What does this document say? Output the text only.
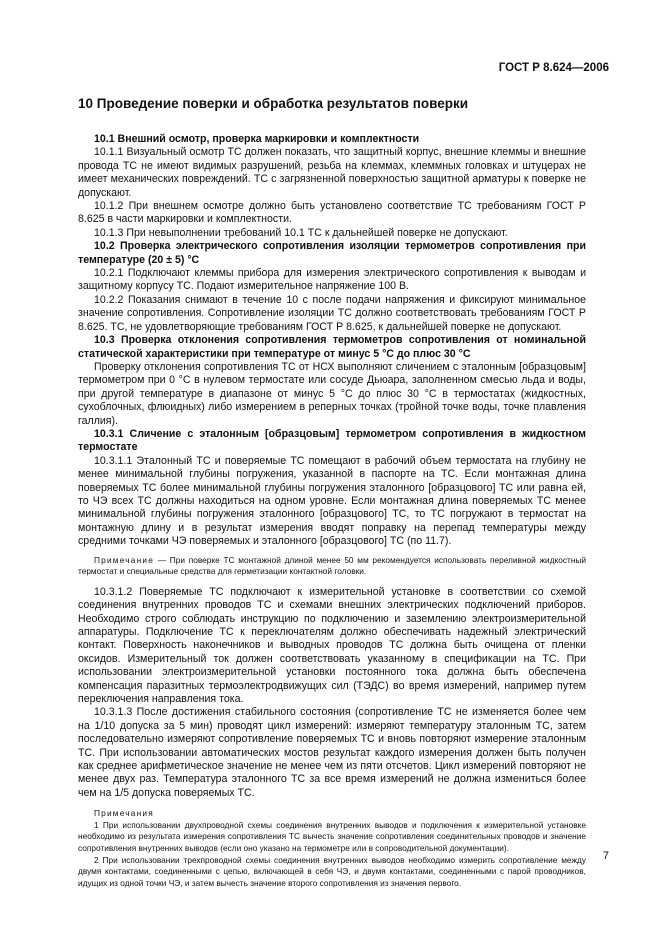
ГОСТ Р 8.624—2006
10 Проведение поверки и обработка результатов поверки
10.1 Внешний осмотр, проверка маркировки и комплектности

10.1.1 Визуальный осмотр ТС должен показать, что защитный корпус, внешние клеммы и внешние провода ТС не имеют видимых разрушений, резьба на клеммах, клеммных головках и штуцерах не имеет механических повреждений. ТС с загрязненной поверхностью защитной арматуры к поверке не допускают.

10.1.2 При внешнем осмотре должно быть установлено соответствие ТС требованиям ГОСТ Р 8.625 в части маркировки и комплектности.

10.1.3 При невыполнении требований 10.1 ТС к дальнейшей поверке не допускают.

10.2 Проверка электрического сопротивления изоляции термометров сопротивления при температуре (20 ± 5) °С

10.2.1 Подключают клеммы прибора для измерения электрического сопротивления к выводам и защитному корпусу ТС. Подают измерительное напряжение 100 В.

10.2.2 Показания снимают в течение 10 с после подачи напряжения и фиксируют минимальное значение сопротивления. Сопротивление изоляции ТС должно соответствовать требованиям ГОСТ Р 8.625. ТС, не удовлетворяющие требованиям ГОСТ Р 8.625, к дальнейшей поверке не допускают.

10.3 Проверка отклонения сопротивления термометров сопротивления от номинальной статической характеристики при температуре от минус 5 °С до плюс 30 °С

Проверку отклонения сопротивления ТС от НСХ выполняют сличением с эталонным [образцовым] термометром при 0 °С в нулевом термостате или сосуде Дьюара, заполненном смесью льда и воды, при другой температуре в диапазоне от минус 5 °С до плюс 30 °С в термостатах (жидкостных, сухоблочных, флюидных) либо измерением в реперных точках (тройной точке воды, точке плавления галлия).

10.3.1 Сличение с эталонным [образцовым] термометром сопротивления в жидкостном термостате

10.3.1.1 Эталонный ТС и поверяемые ТС помещают в рабочий объем термостата на глубину не менее минимальной глубины погружения, указанной в паспорте на ТС. Если монтажная длина поверяемых ТС более минимальной глубины погружения эталонного [образцового] ТС или равна ей, то ЧЭ всех ТС должны находиться на одном уровне. Если монтажная длина поверяемых ТС менее минимальной глубины погружения эталонного [образцового] ТС, то ТС погружают в термостат на монтажную длину и в результат измерения вводят поправку на перепад температуры между средними точками ЧЭ поверяемых и эталонного [образцового] ТС (по 11.7).

Примечание — При поверке ТС монтажной длиной менее 50 мм рекомендуется использовать переливной жидкостный термостат и специальные средства для герметизации контактной головки.

10.3.1.2 Поверяемые ТС подключают к измерительной установке в соответствии со схемой соединения внутренних проводов ТС и схемами внешних электрических подключений приборов. Необходимо строго соблюдать инструкцию по подключению и заземлению электроизмерительной аппаратуры. Подключение ТС к переключателям должно обеспечивать надежный электрический контакт. Поверхность наконечников и выводных проводов ТС должна быть очищена от пленки оксидов. Измерительный ток должен соответствовать указанному в спецификации на ТС. При использовании электроизмерительной установки постоянного тока должна быть обеспечена компенсация паразитных термоэлектродвижущих сил (ТЭДС) во время измерений, например путем переключения направления тока.

10.3.1.3 После достижения стабильного состояния (сопротивление ТС не изменяется более чем на 1/10 допуска за 5 мин) проводят цикл измерений: измеряют температуру эталонным ТС, затем последовательно измеряют сопротивление поверяемых ТС и вновь повторяют измерение эталонным ТС. При использовании автоматических мостов результат каждого измерения должен быть получен как среднее арифметическое значение не менее чем из пяти отсчетов. Цикл измерений повторяют не менее двух раз. Температура эталонного ТС за все время измерений не должна измениться более чем на 1/5 допуска поверяемых ТС.

Примечания
1 При использовании двухпроводной схемы соединения внутренних выводов и подключения к измерительной установке необходимо из результата измерения сопротивления ТС вычесть значение сопротивления соединительных проводов и значение сопротивления внутренних выводов (если оно указано на термометре или в сопроводительной документации).
2 При использовании трехпроводной схемы соединения внутренних выводов необходимо измерить сопротивление между двумя контактами, соединенными с цепью, включающей в себя ЧЭ, и двумя контактами, соединенными с парой проводников, идущих из одной точки ЧЭ, и затем вычесть значение второго сопротивления из значения первого.
7
